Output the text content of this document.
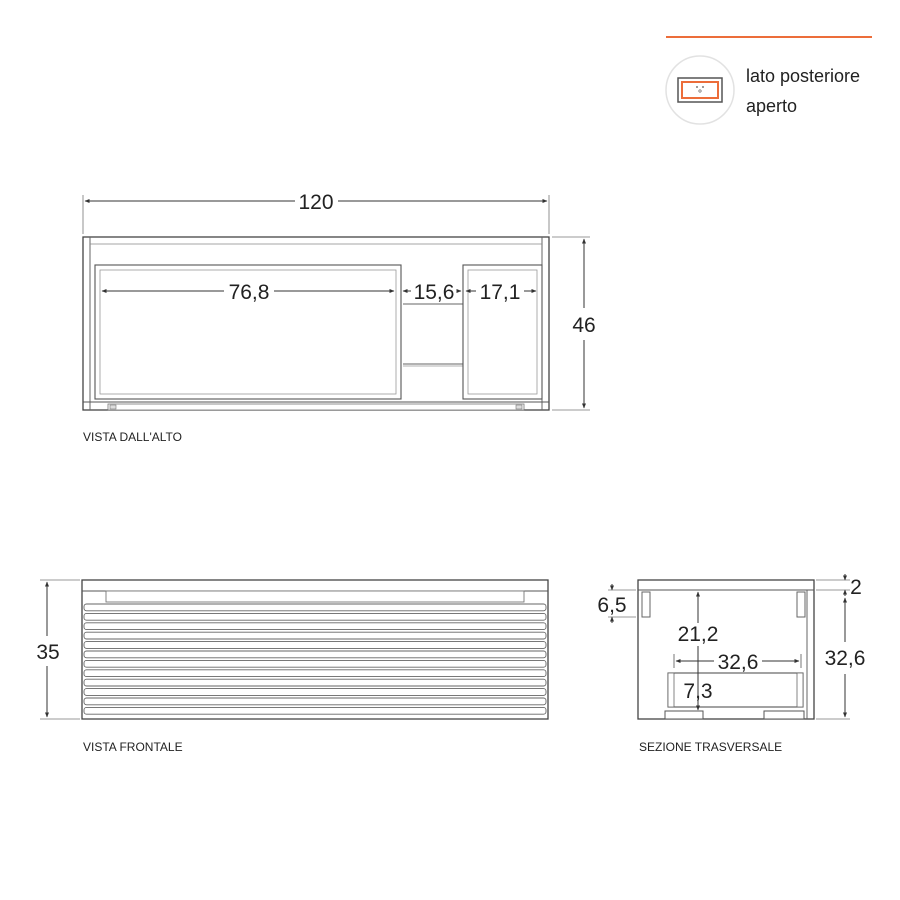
lato posteriore
aperto
120
46
76,8	15,6 17,1
VISTA DALL'ALTO
35
VISTA FRONTALE
2
32,6
6,5
21,2
32,6
7,3
SEZIONE TRASVERSALE
